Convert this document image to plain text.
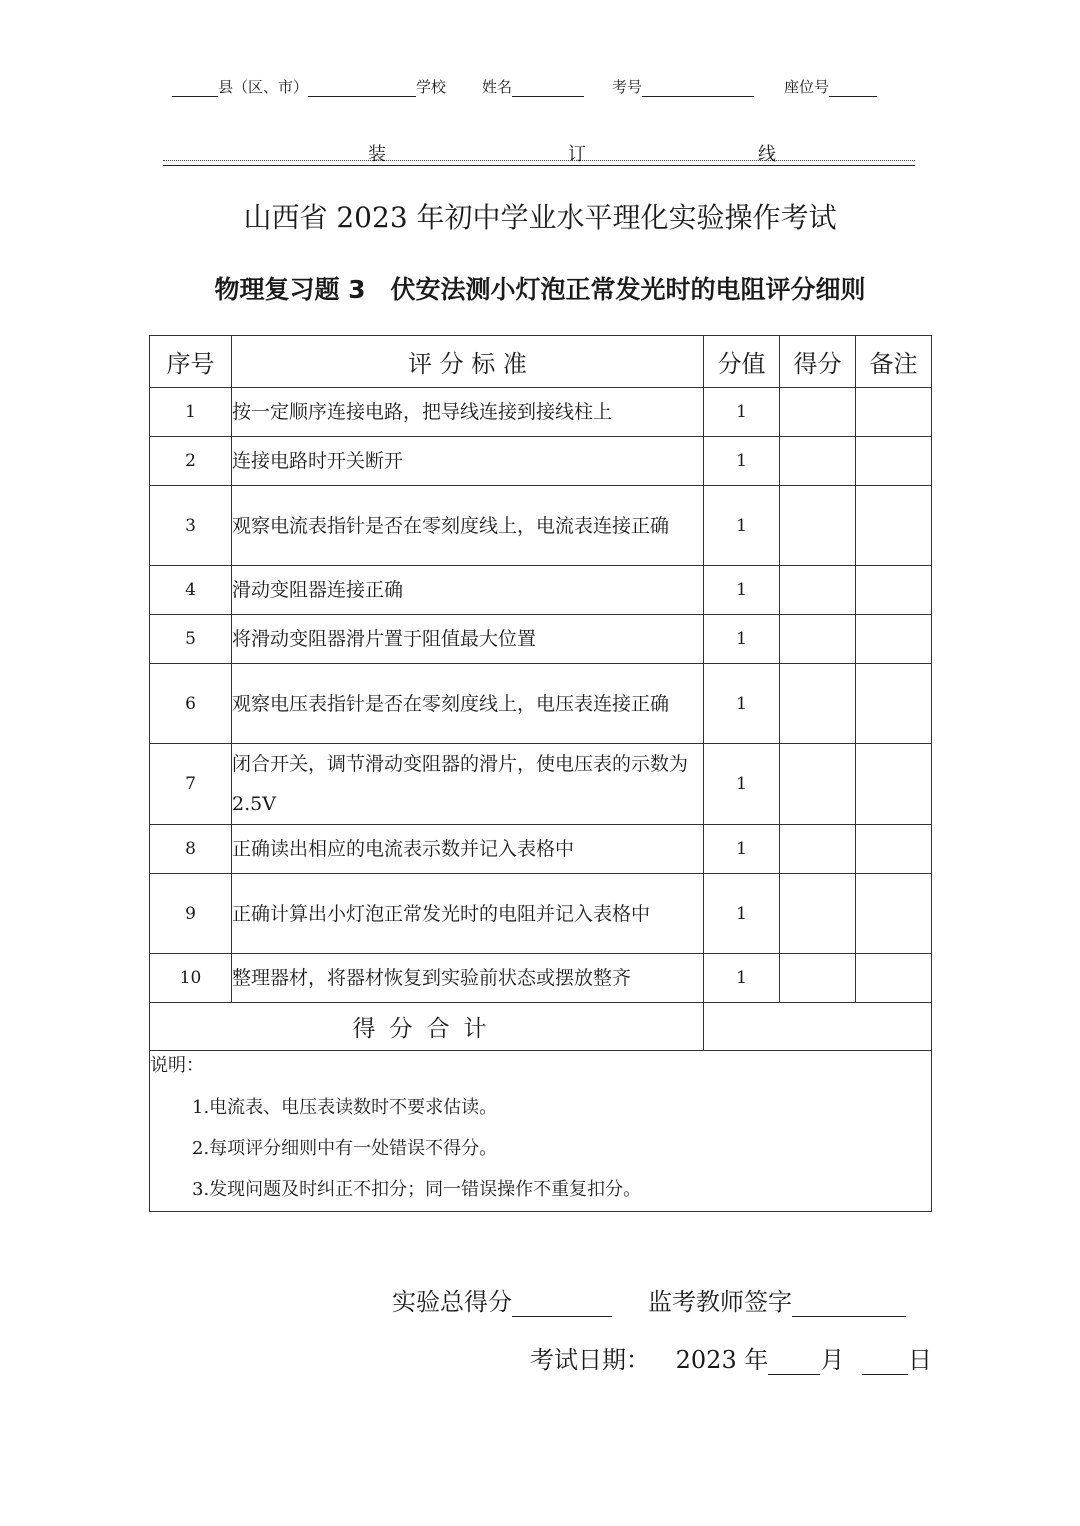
县（区、市）	学校 姓名	考号	座位号
装	订	线
山西省 2023 年初中学业水平理化实验操作考试
物理复习题 3　伏安法测小灯泡正常发光时的电阻评分细则
序号	评 分 标 准	分值	得分	备注
1	按一定顺序连接电路，把导线连接到接线柱上	1		
2	连接电路时开关断开	1		
3	观察电流表指针是否在零刻度线上，电流表连接正确	1		
4	滑动变阻器连接正确	1		
5	将滑动变阻器滑片置于阻值最大位置	1		
6	观察电压表指针是否在零刻度线上，电压表连接正确	1		
7	闭合开关，调节滑动变阻器的滑片，使电压表的示数为 2.5V	1		
8	正确读出相应的电流表示数并记入表格中	1		
9	正确计算出小灯泡正常发光时的电阻并记入表格中	1		
10	整理器材，将器材恢复到实验前状态或摆放整齐	1		
得分合计				

说明：
1.电流表、电压表读数时不要求估读。
2.每项评分细则中有一处错误不得分。
3.发现问题及时纠正不扣分；同一错误操作不重复扣分。				
实验总得分	监考教师签字
考试日期： 2023 年 月	日
